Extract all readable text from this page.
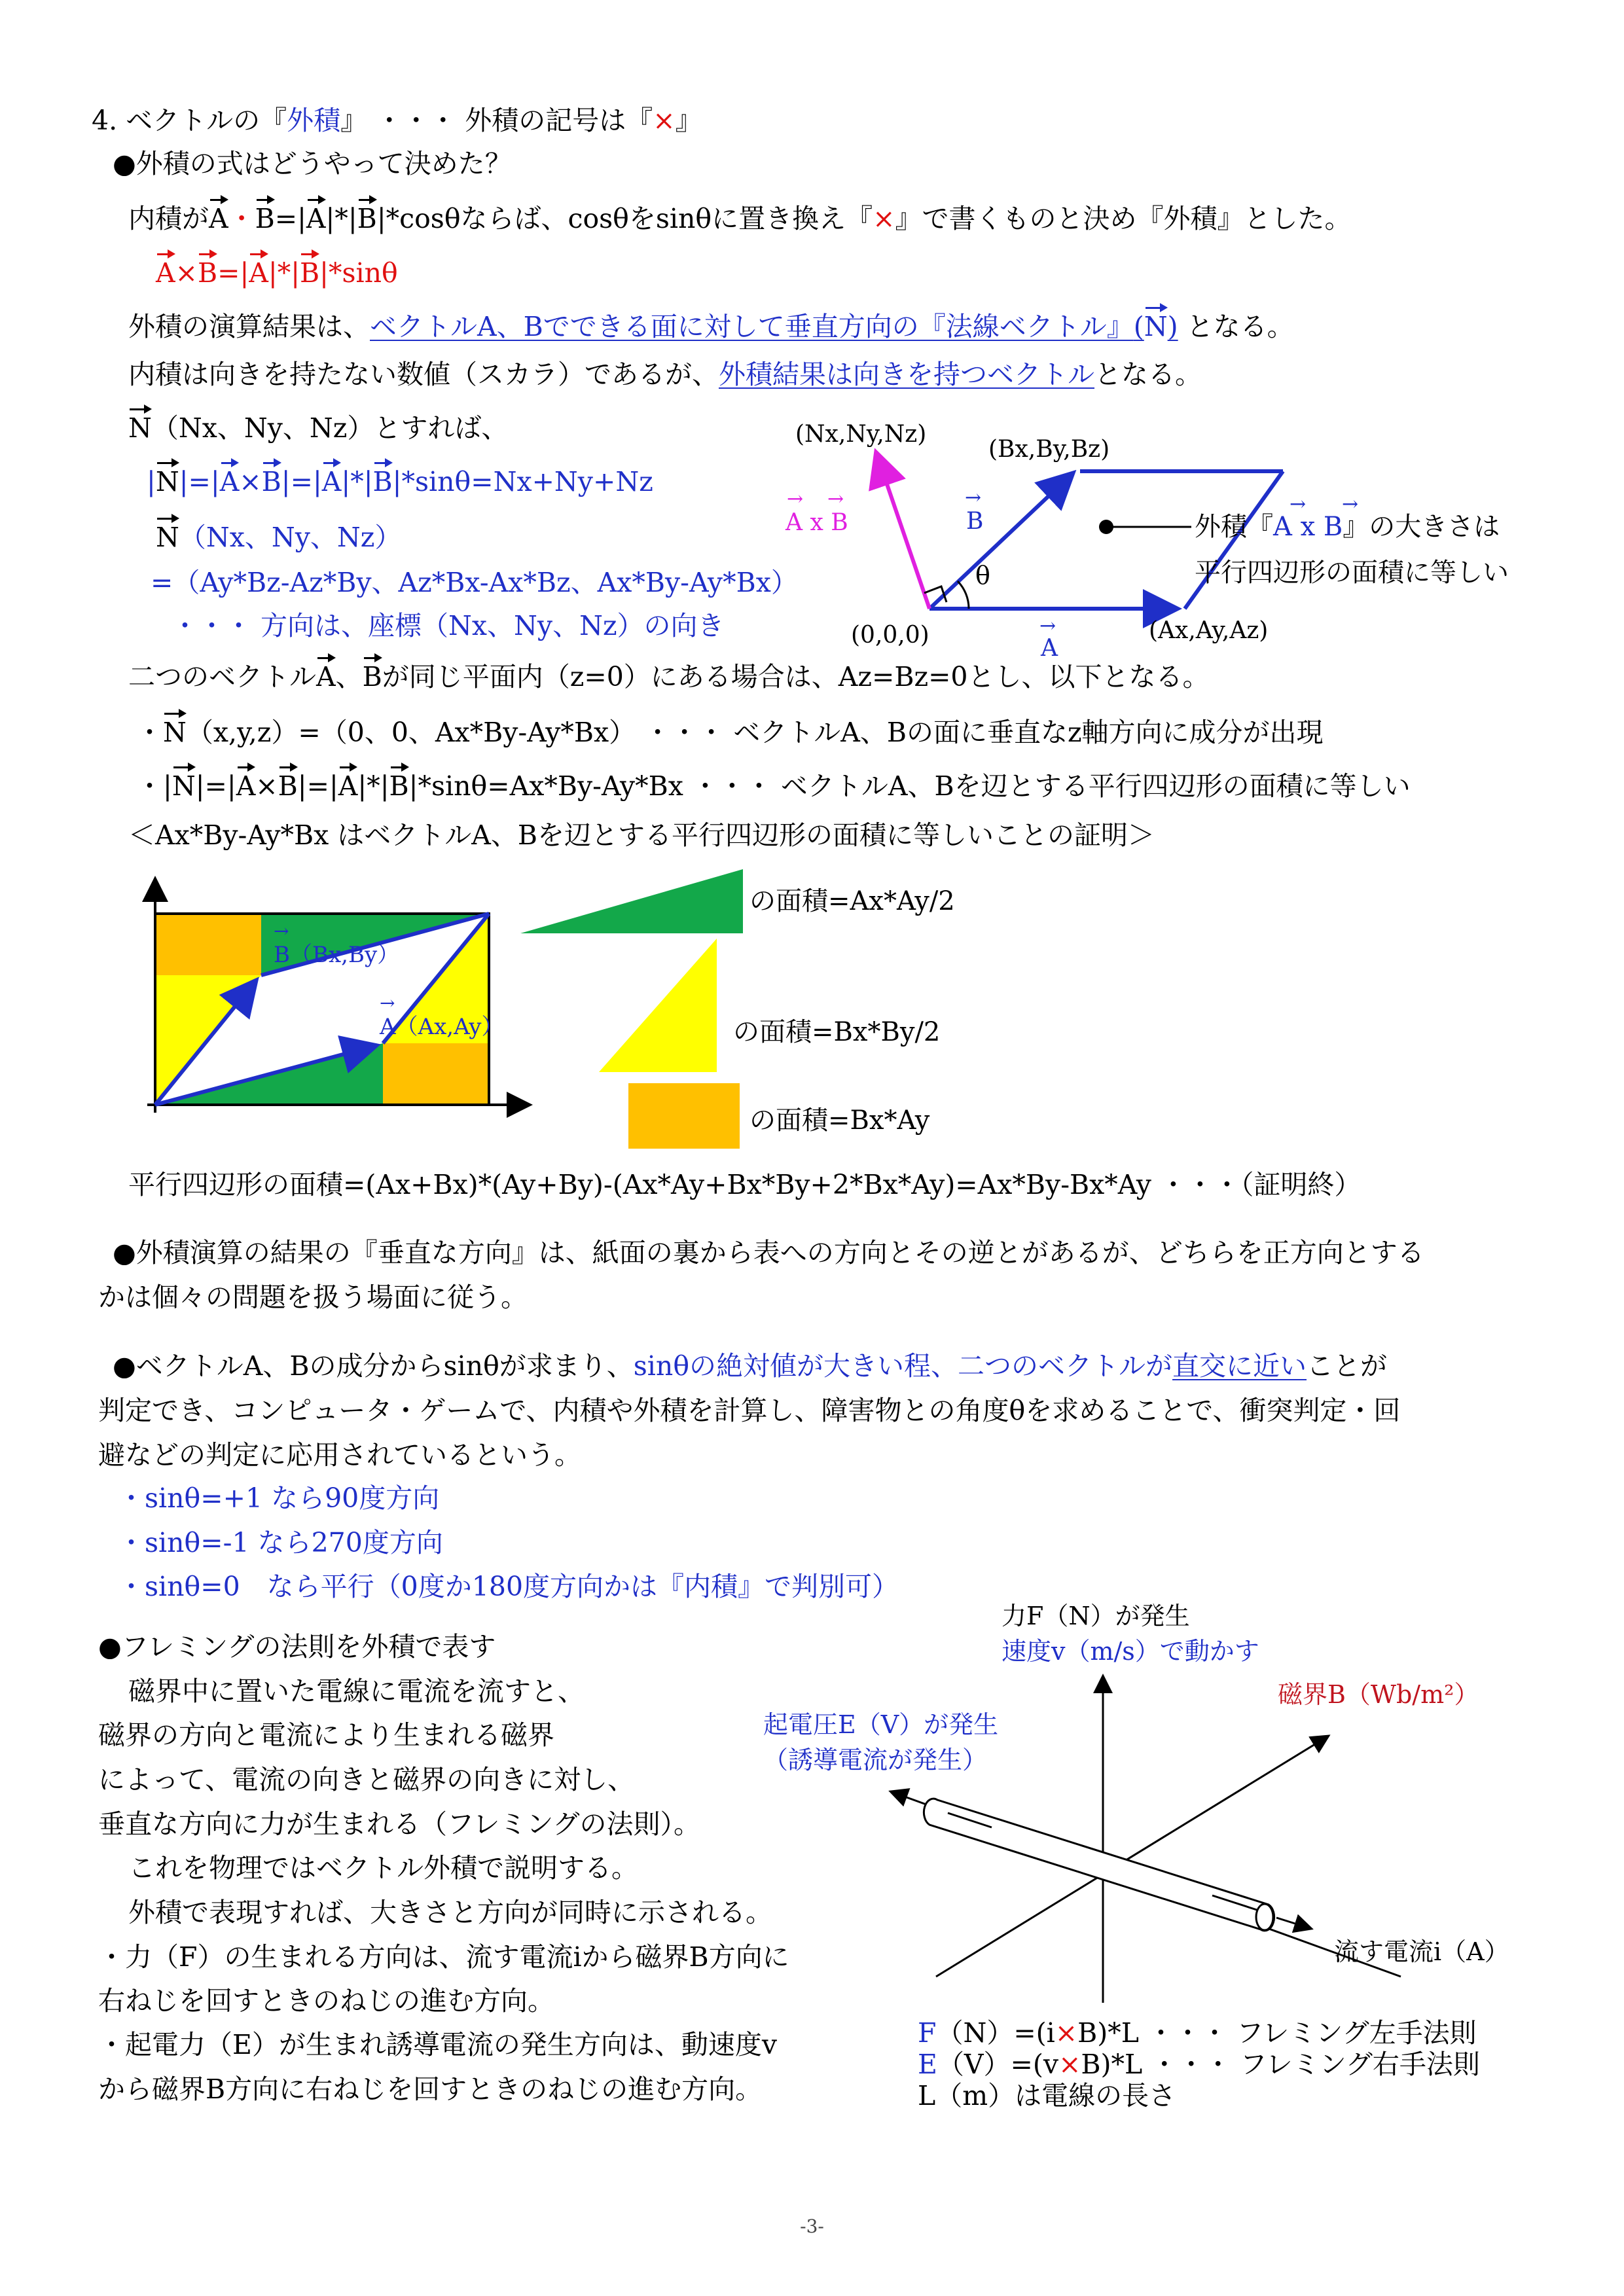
4. ベクトルの『外積』 ・・・ 外積の記号は『×』
●外積の式はどうやって決めた？
内積がA・B=|A|*|B|*cosθならば、cosθをsinθに置き換え『×』で書くものと決め『外積』とした。
A×B=|A|*|B|*sinθ
外積の演算結果は、ベクトルA、Bでできる面に対して垂直方向の『法線ベクトル』(N) となる。
内積は向きを持たない数値（スカラ）であるが、外積結果は向きを持つベクトルとなる。
N（Nx、Ny、Nz）とすれば、
|N|=|A×B|=|A|*|B|*sinθ=Nx+Ny+Nz
N（Nx、Ny、Nz）
=（Ay*Bz-Az*By、Az*Bx-Ax*Bz、Ax*By-Ay*Bx）
・・・ 方向は、座標（Nx、Ny、Nz）の向き
(Nx,Ny,Nz)
(Bx,By,Bz)
A x B
→ →
B
→
θ
(0,0,0)	A
→	(Ax,Ay,Az)
外積『A x B』の大きさは
→ →
平行四辺形の面積に等しい
二つのベクトルA、Bが同じ平面内（z=0）にある場合は、Az=Bz=0とし、以下となる。
・N（x,y,z）=（0、0、Ax*By-Ay*Bx） ・・・ ベクトルA、Bの面に垂直なz軸方向に成分が出現
・|N|=|A×B|=|A|*|B|*sinθ=Ax*By-Ay*Bx ・・・ ベクトルA、Bを辺とする平行四辺形の面積に等しい
＜Ax*By-Ay*Bx はベクトルA、Bを辺とする平行四辺形の面積に等しいことの証明＞
B（Bx,By）
→
A（Ax,Ay）
→
の面積=Ax*Ay/2
の面積=Bx*By/2
の面積=Bx*Ay
平行四辺形の面積=(Ax+Bx)*(Ay+By)-(Ax*Ay+Bx*By+2*Bx*Ay)=Ax*By-Bx*Ay ・・・（証明終）
●外積演算の結果の『垂直な方向』は、紙面の裏から表への方向とその逆とがあるが、どちらを正方向とする
かは個々の問題を扱う場面に従う。
●ベクトルA、Bの成分からsinθが求まり、sinθの絶対値が大きい程、二つのベクトルが直交に近いことが
判定でき、コンピュータ・ゲームで、内積や外積を計算し、障害物との角度θを求めることで、衝突判定・回
避などの判定に応用されているという。
・sinθ=+1 なら90度方向
・sinθ=-1 なら270度方向
・sinθ=0　なら平行（0度か180度方向かは『内積』で判別可）
●フレミングの法則を外積で表す
磁界中に置いた電線に電流を流すと、
磁界の方向と電流により生まれる磁界
によって、電流の向きと磁界の向きに対し、
垂直な方向に力が生まれる（フレミングの法則）。
これを物理ではベクトル外積で説明する。
外積で表現すれば、大きさと方向が同時に示される。
・力（F）の生まれる方向は、流す電流iから磁界B方向に
右ねじを回すときのねじの進む方向。
・起電力（E）が生まれ誘導電流の発生方向は、動速度v
から磁界B方向に右ねじを回すときのねじの進む方向。
力F（N）が発生
速度v（m/s）で動かす
磁界B（Wb/m²）
起電圧E（V）が発生
（誘導電流が発生）
流す電流i（A）
F（N）=(i×B)*L ・・・ フレミング左手法則
E（V）=(v×B)*L ・・・ フレミング右手法則
L（m）は電線の長さ
-3-
